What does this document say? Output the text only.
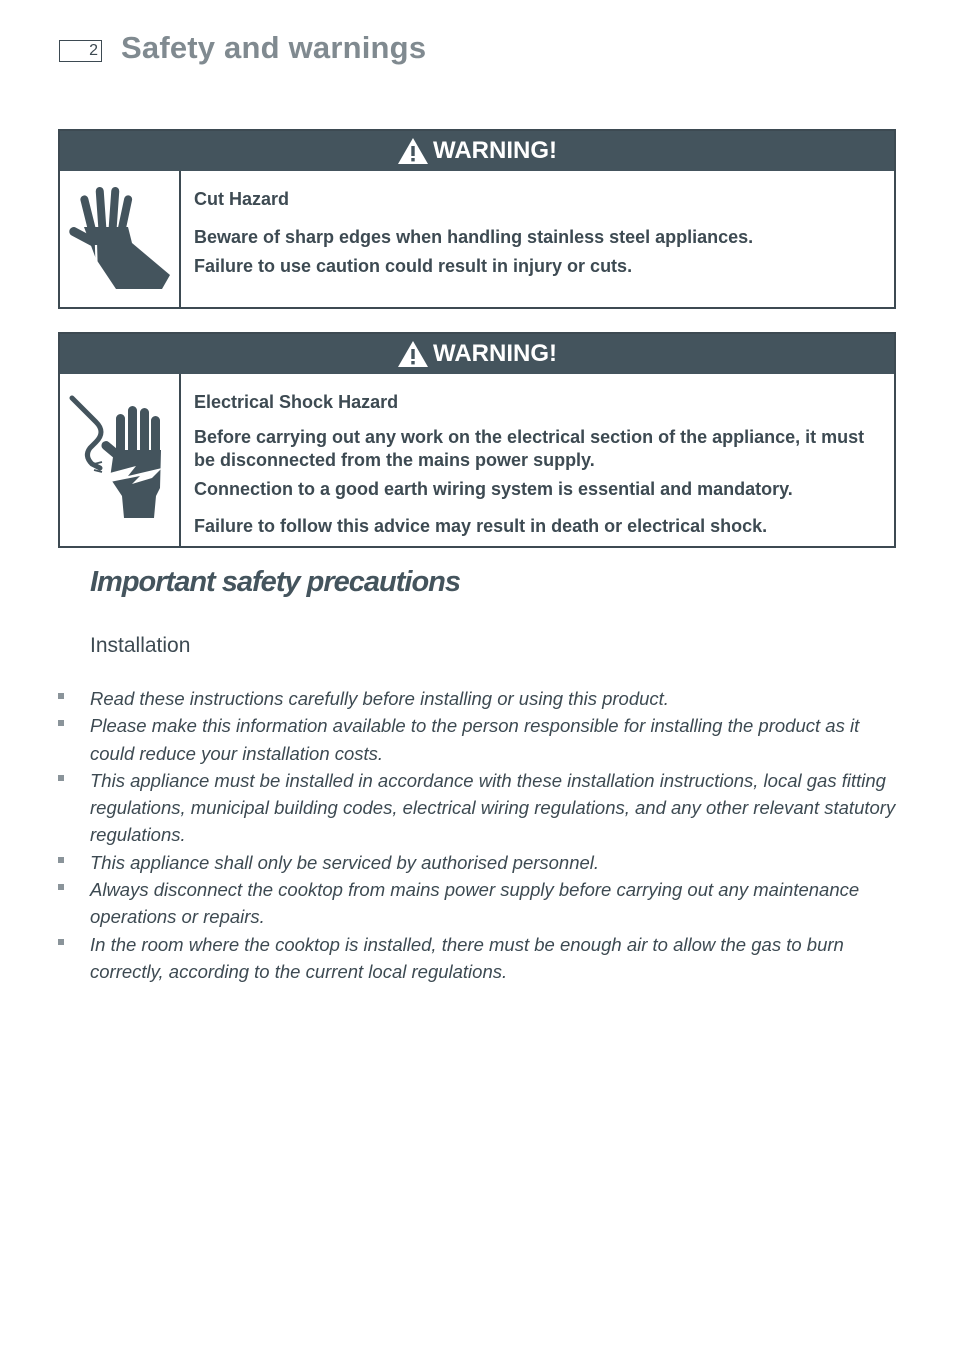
2 Safety and warnings
WARNING!

Cut Hazard

Beware of sharp edges when handling stainless steel appliances.

Failure to use caution could result in injury or cuts.

WARNING!

Electrical Shock Hazard

Before carrying out any work on the electrical section of the appliance, it must be disconnected from the mains power supply.

Connection to a good earth wiring system is essential and mandatory.

Failure to follow this advice may result in death or electrical shock.

Important safety precautions
Installation
Read these instructions carefully before installing or using this product.
Please make this information available to the person responsible for installing the product as it could reduce your installation costs.
This appliance must be installed in accordance with these installation instructions, local gas fitting regulations, municipal building codes, electrical wiring regulations, and any other relevant statutory regulations.
This appliance shall only be serviced by authorised personnel.
Always disconnect the cooktop from mains power supply before carrying out any maintenance operations or repairs.
In the room where the cooktop is installed, there must be enough air to allow the gas to burn correctly, according to the current local regulations.
